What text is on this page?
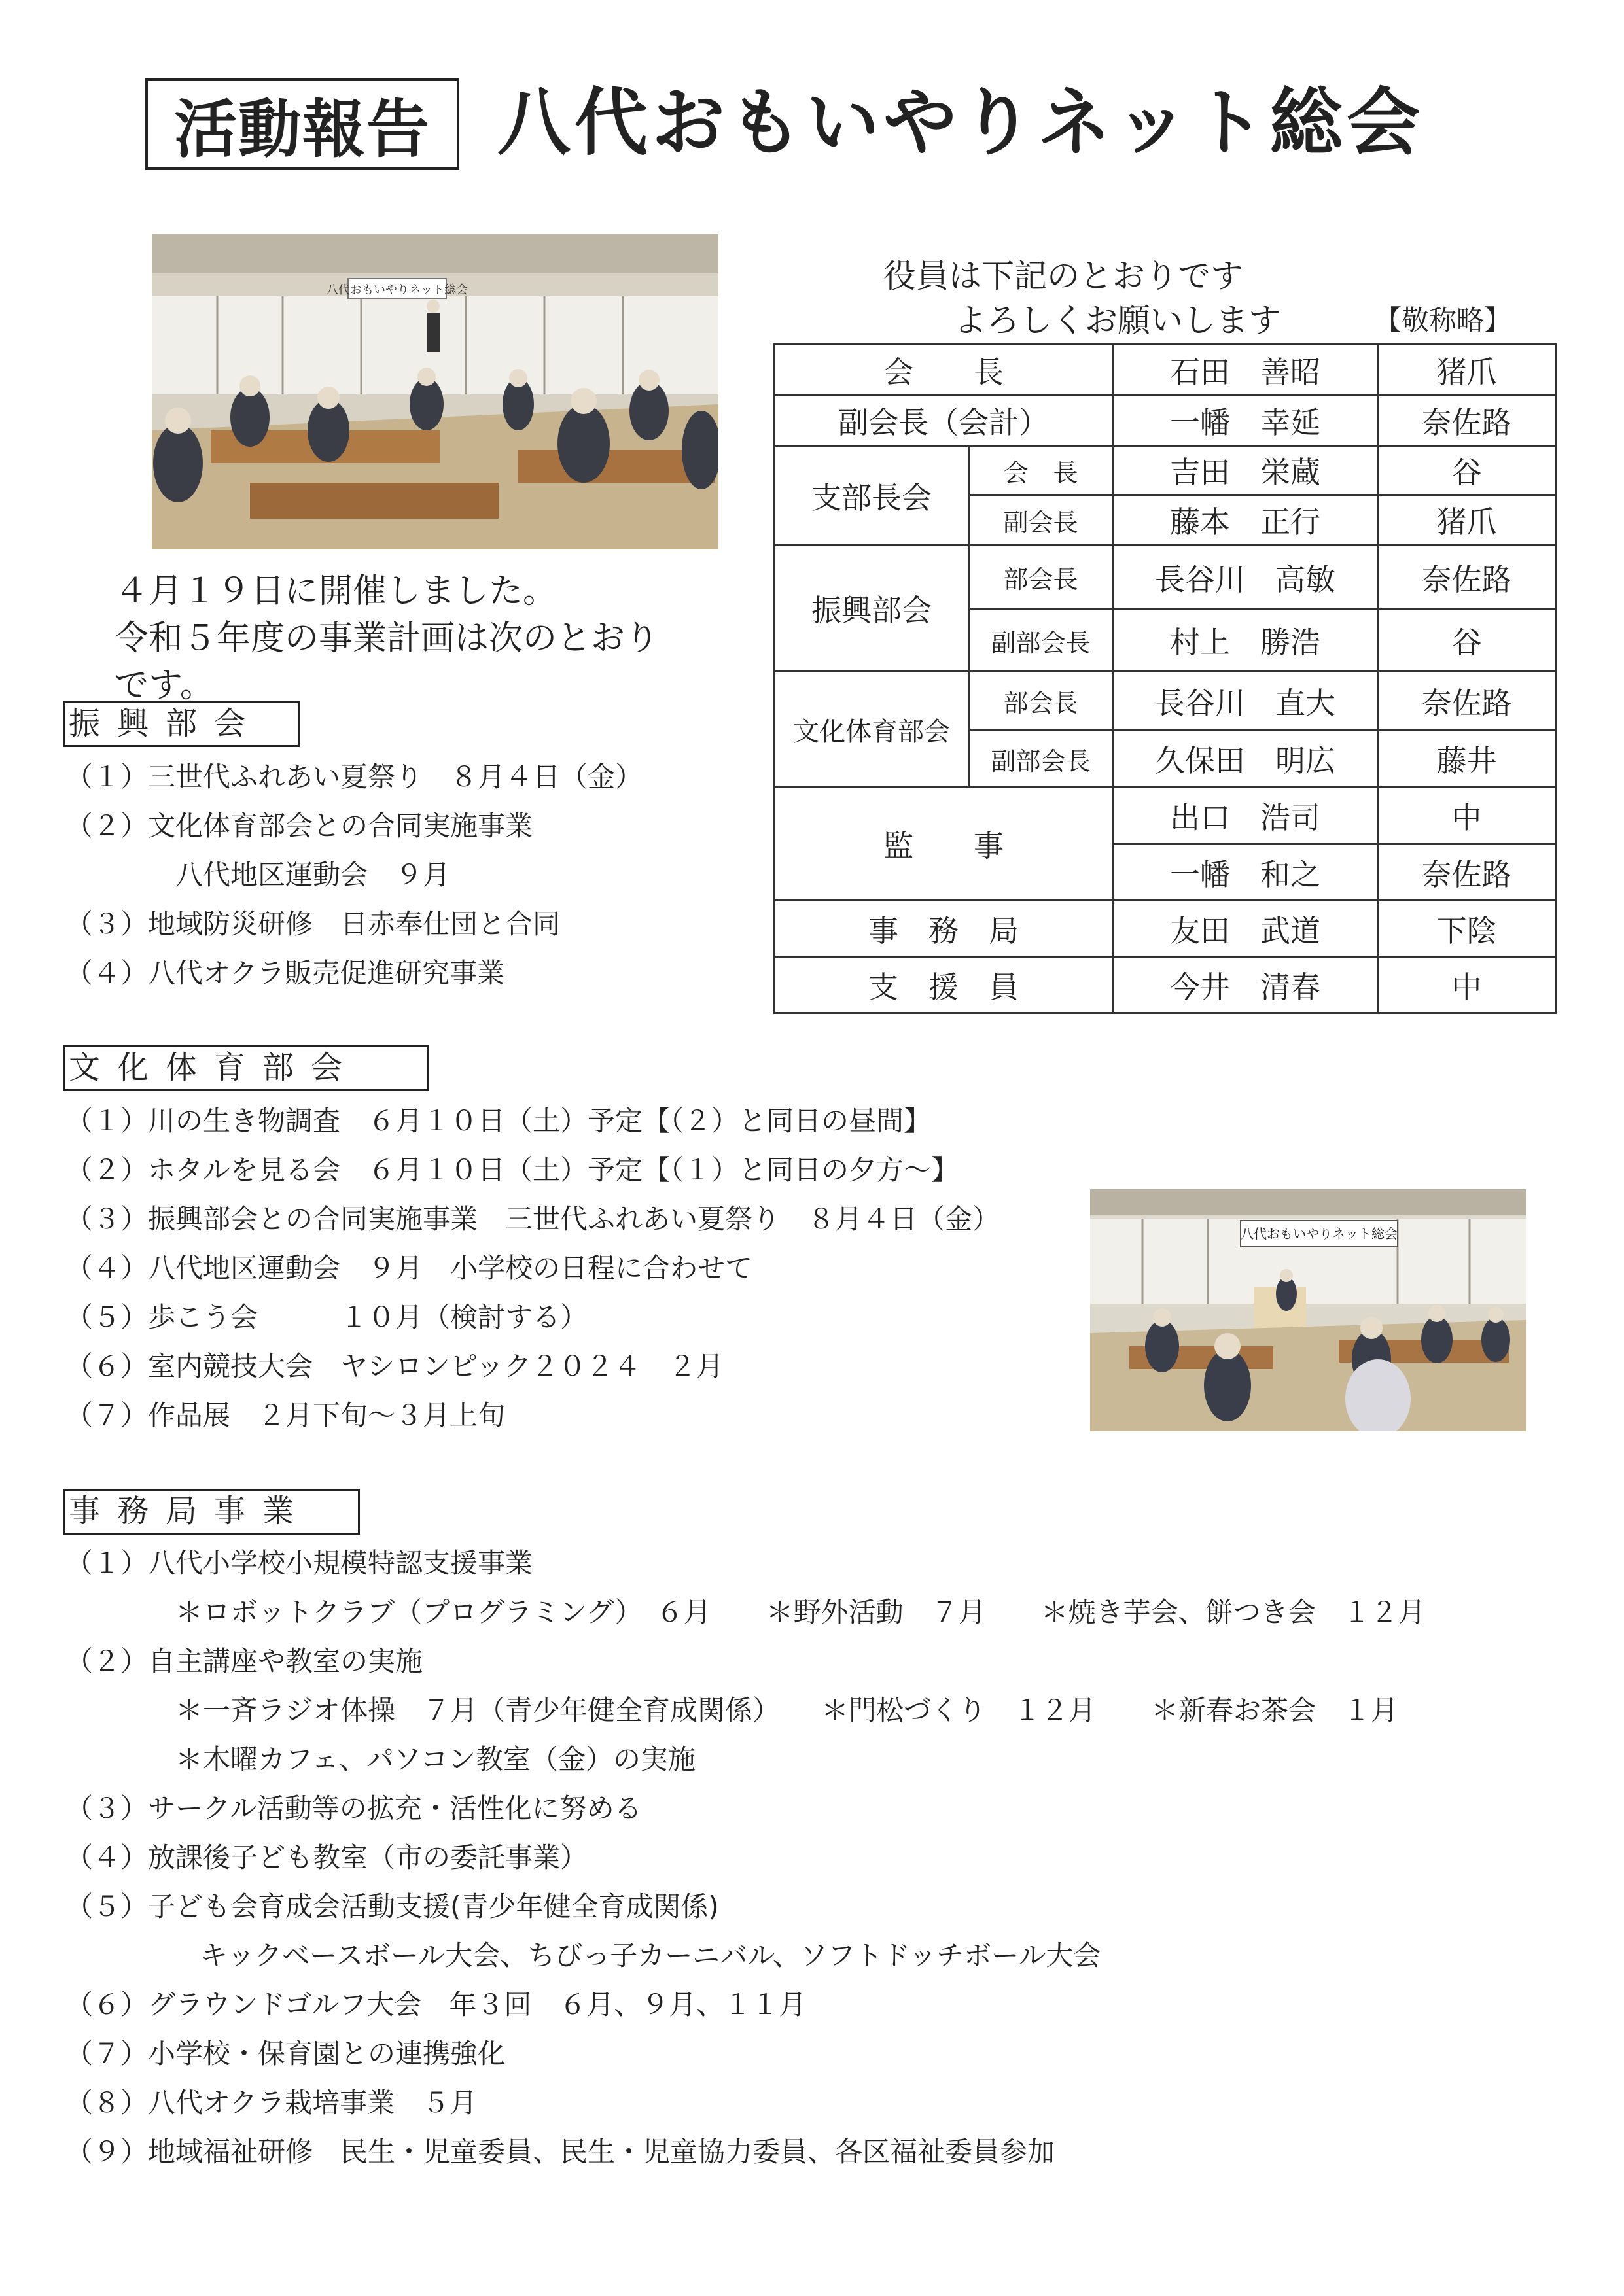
活動報告 八代おもいやりネット総会
八代おもいやりネット総会
４月１９日に開催しました。
令和５年度の事業計画は次のとおり
です。
役員は下記のとおりです
よろしくお願いします	【敬称略】
会　　長		石田　善昭	猪爪
副会長（会計）		一幡　幸延	奈佐路
支部長会	会　長	吉田　栄蔵	谷
	副会長	藤本　正行	猪爪
振興部会	部会長	長谷川　高敏	奈佐路
	副部会長	村上　勝浩	谷
文化体育部会	部会長	長谷川　直大	奈佐路
	副部会長	久保田　明広	藤井
監　　事		出口　浩司	中
		一幡　和之	奈佐路
事　務　局		友田　武道	下陰
支　援　員		今井　清春	中
振興部会
（１）三世代ふれあい夏祭り　８月４日（金）
（２）文化体育部会との合同実施事業
八代地区運動会　９月
（３）地域防災研修　日赤奉仕団と合同
（４）八代オクラ販売促進研究事業
文化体育部会
（１）川の生き物調査　６月１０日（土）予定【（２）と同日の昼間】
（２）ホタルを見る会　６月１０日（土）予定【（１）と同日の夕方～】
（３）振興部会との合同実施事業　三世代ふれあい夏祭り　８月４日（金）
（４）八代地区運動会　９月　小学校の日程に合わせて
（５）歩こう会　　　１０月（検討する）
（６）室内競技大会　ヤシロンピック２０２４　２月
（７）作品展　２月下旬～３月上旬
八代おもいやりネット総会
事務局事業
（１）八代小学校小規模特認支援事業
＊ロボットクラブ（プログラミング）　６月　　＊野外活動　７月　　＊焼き芋会、餅つき会　１２月
（２）自主講座や教室の実施
＊一斉ラジオ体操　７月（青少年健全育成関係）　　＊門松づくり　１２月　　＊新春お茶会　１月
＊木曜カフェ、パソコン教室（金）の実施
（３）サークル活動等の拡充・活性化に努める
（４）放課後子ども教室（市の委託事業）
（５）子ども会育成会活動支援(青少年健全育成関係)
キックベースボール大会、ちびっ子カーニバル、ソフトドッチボール大会
（６）グラウンドゴルフ大会　年３回　６月、９月、１１月
（７）小学校・保育園との連携強化
（８）八代オクラ栽培事業　５月
（９）地域福祉研修　民生・児童委員、民生・児童協力委員、各区福祉委員参加
